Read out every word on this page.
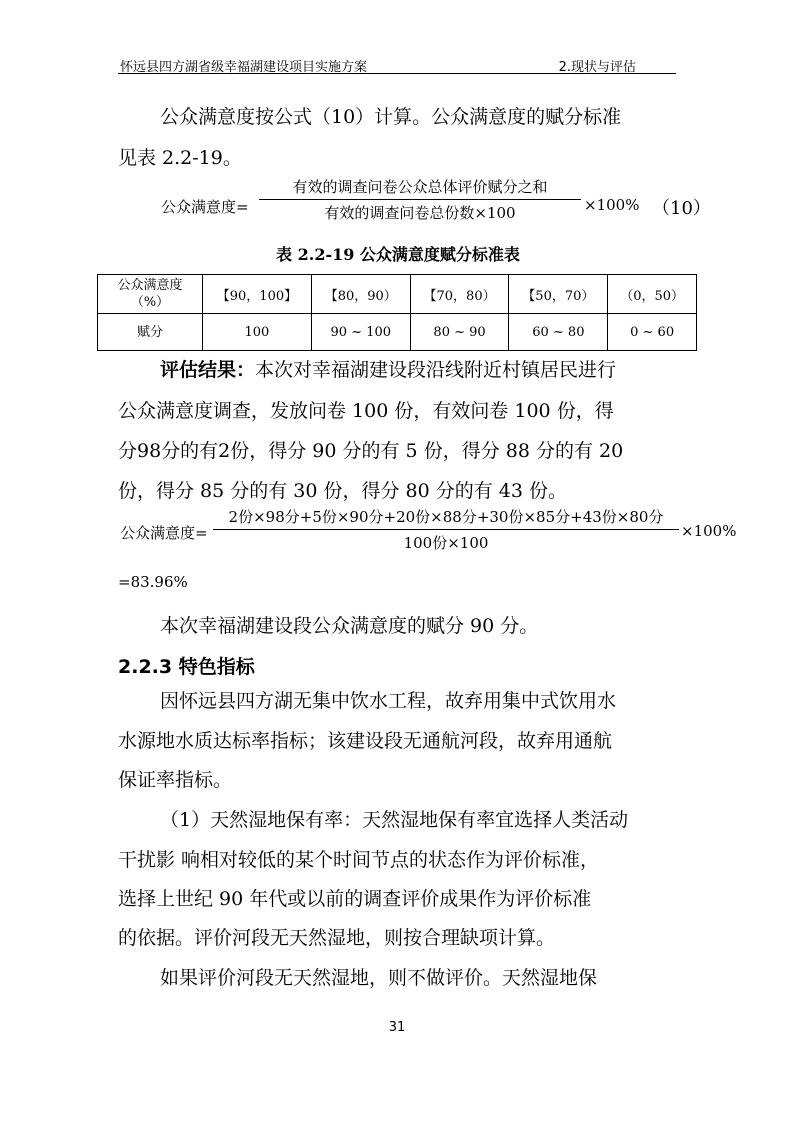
怀远县四方湖省级幸福湖建设项目实施方案	2.现状与评估
公众满意度按公式（10）计算。公众满意度的赋分标准
见表 2.2-19。
公众满意度=
有效的调查问卷公众总体评价赋分之和
有效的调查问卷总份数×100	×100% （10）
表 2.2-19 公众满意度赋分标准表
公众满意度
（%）	【90，100】	【80，90）	【70，80）	【50，70）	（0，50）
赋分	100	90 ~ 100	80 ~ 90	60 ~ 80	0 ~ 60
评估结果：本次对幸福湖建设段沿线附近村镇居民进行
公众满意度调查，发放问卷 100 份，有效问卷 100 份，得
分98分的有2份，得分 90 分的有 5 份，得分 88 分的有 20
份，得分 85 分的有 30 份，得分 80 分的有 43 份。
公众满意度=
2份×98分+5份×90分+20份×88分+30份×85分+43份×80分
100份×100
×100%
=83.96%
本次幸福湖建设段公众满意度的赋分 90 分。
2.2.3 特色指标
因怀远县四方湖无集中饮水工程，故弃用集中式饮用水
水源地水质达标率指标；该建设段无通航河段，故弃用通航
保证率指标。
（1）天然湿地保有率：天然湿地保有率宜选择人类活动
干扰影 响相对较低的某个时间节点的状态作为评价标准，
选择上世纪 90 年代或以前的调查评价成果作为评价标准
的依据。评价河段无天然湿地，则按合理缺项计算。
如果评价河段无天然湿地，则不做评价。天然湿地保
31
